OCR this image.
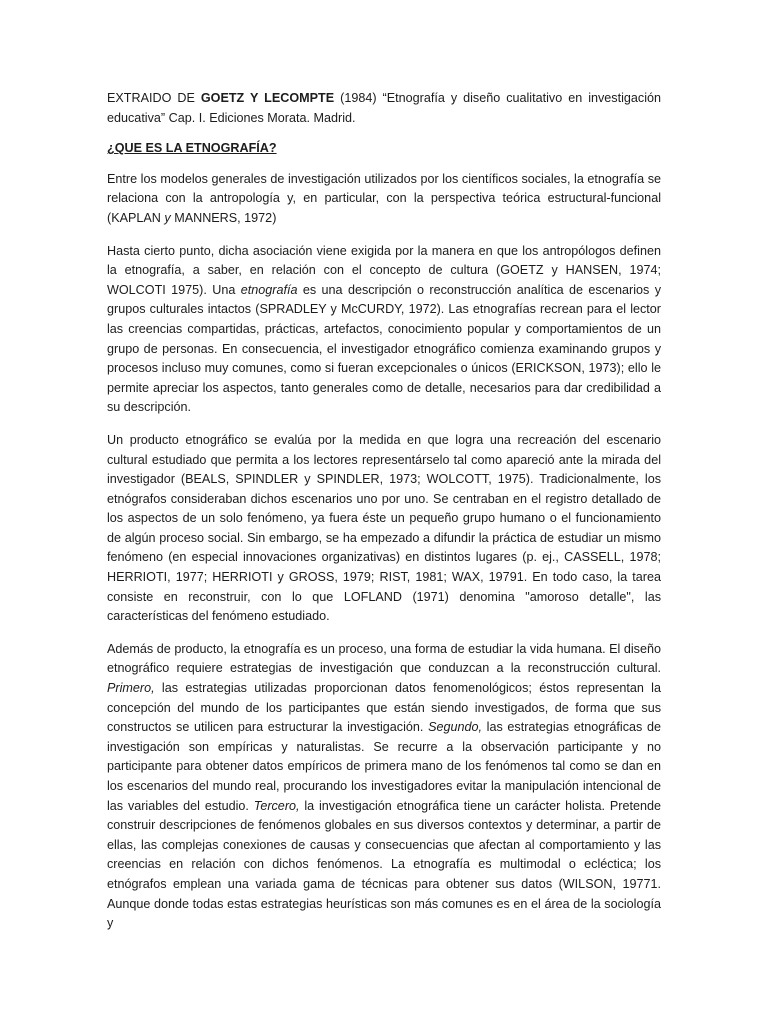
EXTRAIDO DE GOETZ Y LECOMPTE (1984) “Etnografía y diseño cualitativo en investigación educativa” Cap. I. Ediciones Morata. Madrid.

¿QUE ES LA ETNOGRAFÍA?

Entre los modelos generales de investigación utilizados por los científicos sociales, la etnografía se relaciona con la antropología y, en particular, con la perspectiva teórica estructural-funcional (KAPLAN y MANNERS, 1972)

Hasta cierto punto, dicha asociación viene exigida por la manera en que los antropólogos definen la etnografía, a saber, en relación con el concepto de cultura (GOETZ y HANSEN, 1974; WOLCOTI 1975). Una etnografía es una descripción o reconstrucción analítica de escenarios y grupos culturales intactos (SPRADLEY y McCURDY, 1972). Las etnografías recrean para el lector las creencias compartidas, prácticas, artefactos, conocimiento popular y comportamientos de un grupo de personas. En consecuencia, el investigador etnográfico comienza examinando grupos y procesos incluso muy comunes, como si fueran excepcionales o únicos (ERICKSON, 1973); ello le permite apreciar los aspectos, tanto generales como de detalle, necesarios para dar credibilidad a su descripción.

Un producto etnográfico se evalúa por la medida en que logra una recreación del escenario cultural estudiado que permita a los lectores representárselo tal como apareció ante la mirada del investigador (BEALS, SPINDLER y SPINDLER, 1973; WOLCOTT, 1975). Tradicionalmente, los etnógrafos consideraban dichos escenarios uno por uno. Se centraban en el registro detallado de los aspectos de un solo fenómeno, ya fuera éste un pequeño grupo humano o el funcionamiento de algún proceso social. Sin embargo, se ha empezado a difundir la práctica de estudiar un mismo fenómeno (en especial innovaciones organizativas) en distintos lugares (p. ej., CASSELL, 1978; HERRIOTI, 1977; HERRIOTI y GROSS, 1979; RIST, 1981; WAX, 19791. En todo caso, la tarea consiste en reconstruir, con lo que LOFLAND (1971) denomina "amoroso detalle", las características del fenómeno estudiado.

Además de producto, la etnografía es un proceso, una forma de estudiar la vida humana. El diseño etnográfico requiere estrategias de investigación que conduzcan a la reconstrucción cultural. Primero, las estrategias utilizadas proporcionan datos fenomenológicos; éstos representan la concepción del mundo de los participantes que están siendo investigados, de forma que sus constructos se utilicen para estructurar la investigación. Segundo, las estrategias etnográficas de investigación son empíricas y naturalistas. Se recurre a la observación participante y no participante para obtener datos empíricos de primera mano de los fenómenos tal como se dan en los escenarios del mundo real, procurando los investigadores evitar la manipulación intencional de las variables del estudio. Tercero, la investigación etnográfica tiene un carácter holista. Pretende construir descripciones de fenómenos globales en sus diversos contextos y determinar, a partir de ellas, las complejas conexiones de causas y consecuencias que afectan al comportamiento y las creencias en relación con dichos fenómenos. La etnografía es multimodal o ecléctica; los etnógrafos emplean una variada gama de técnicas para obtener sus datos (WILSON, 19771. Aunque donde todas estas estrategias heurísticas son más comunes es en el área de la sociología y
